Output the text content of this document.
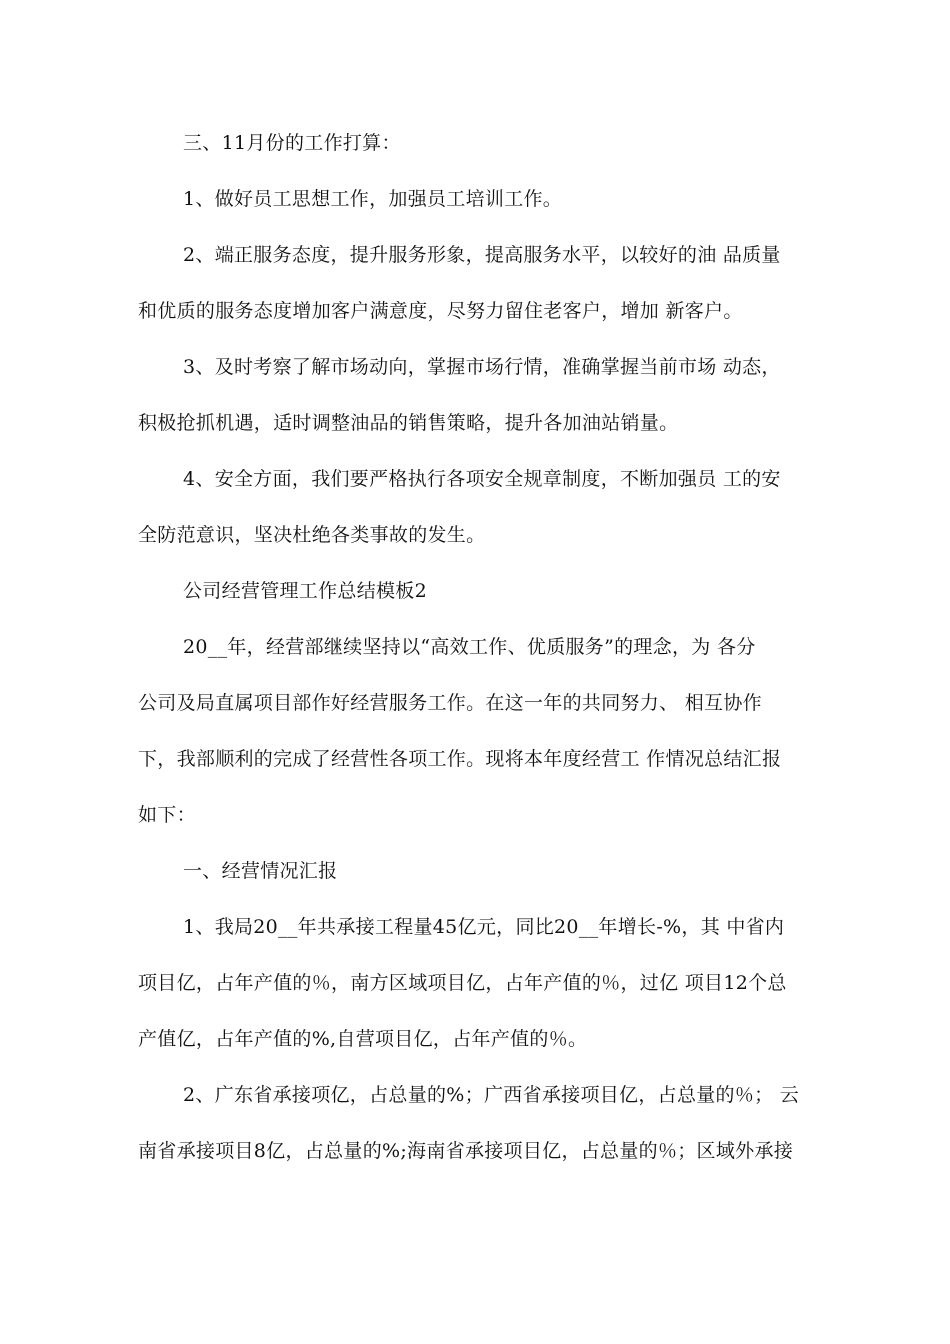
三、11月份的工作打算：
1、做好员工思想工作，加强员工培训工作。
2、端正服务态度，提升服务形象，提高服务水平，以较好的油 品质量
和优质的服务态度增加客户满意度，尽努力留住老客户，增加 新客户。
3、及时考察了解市场动向，掌握市场行情，准确掌握当前市场 动态，
积极抢抓机遇，适时调整油品的销售策略，提升各加油站销量。
4、安全方面，我们要严格执行各项安全规章制度，不断加强员 工的安
全防范意识，坚决杜绝各类事故的发生。
公司经营管理工作总结模板2
20__年，经营部继续坚持以“高效工作、优质服务”的理念，为 各分
公司及局直属项目部作好经营服务工作。在这一年的共同努力、 相互协作
下，我部顺利的完成了经营性各项工作。现将本年度经营工 作情况总结汇报
如下：
一、经营情况汇报
1、我局20__年共承接工程量45亿元，同比20__年增长-%，其 中省内
项目亿，占年产值的％，南方区域项目亿，占年产值的％，过亿 项目12个总
产值亿，占年产值的%,自营项目亿，占年产值的％。
2、广东省承接项亿，占总量的%；广西省承接项目亿，占总量的％； 云
南省承接项目8亿，占总量的%;海南省承接项目亿，占总量的％；区域外承接
